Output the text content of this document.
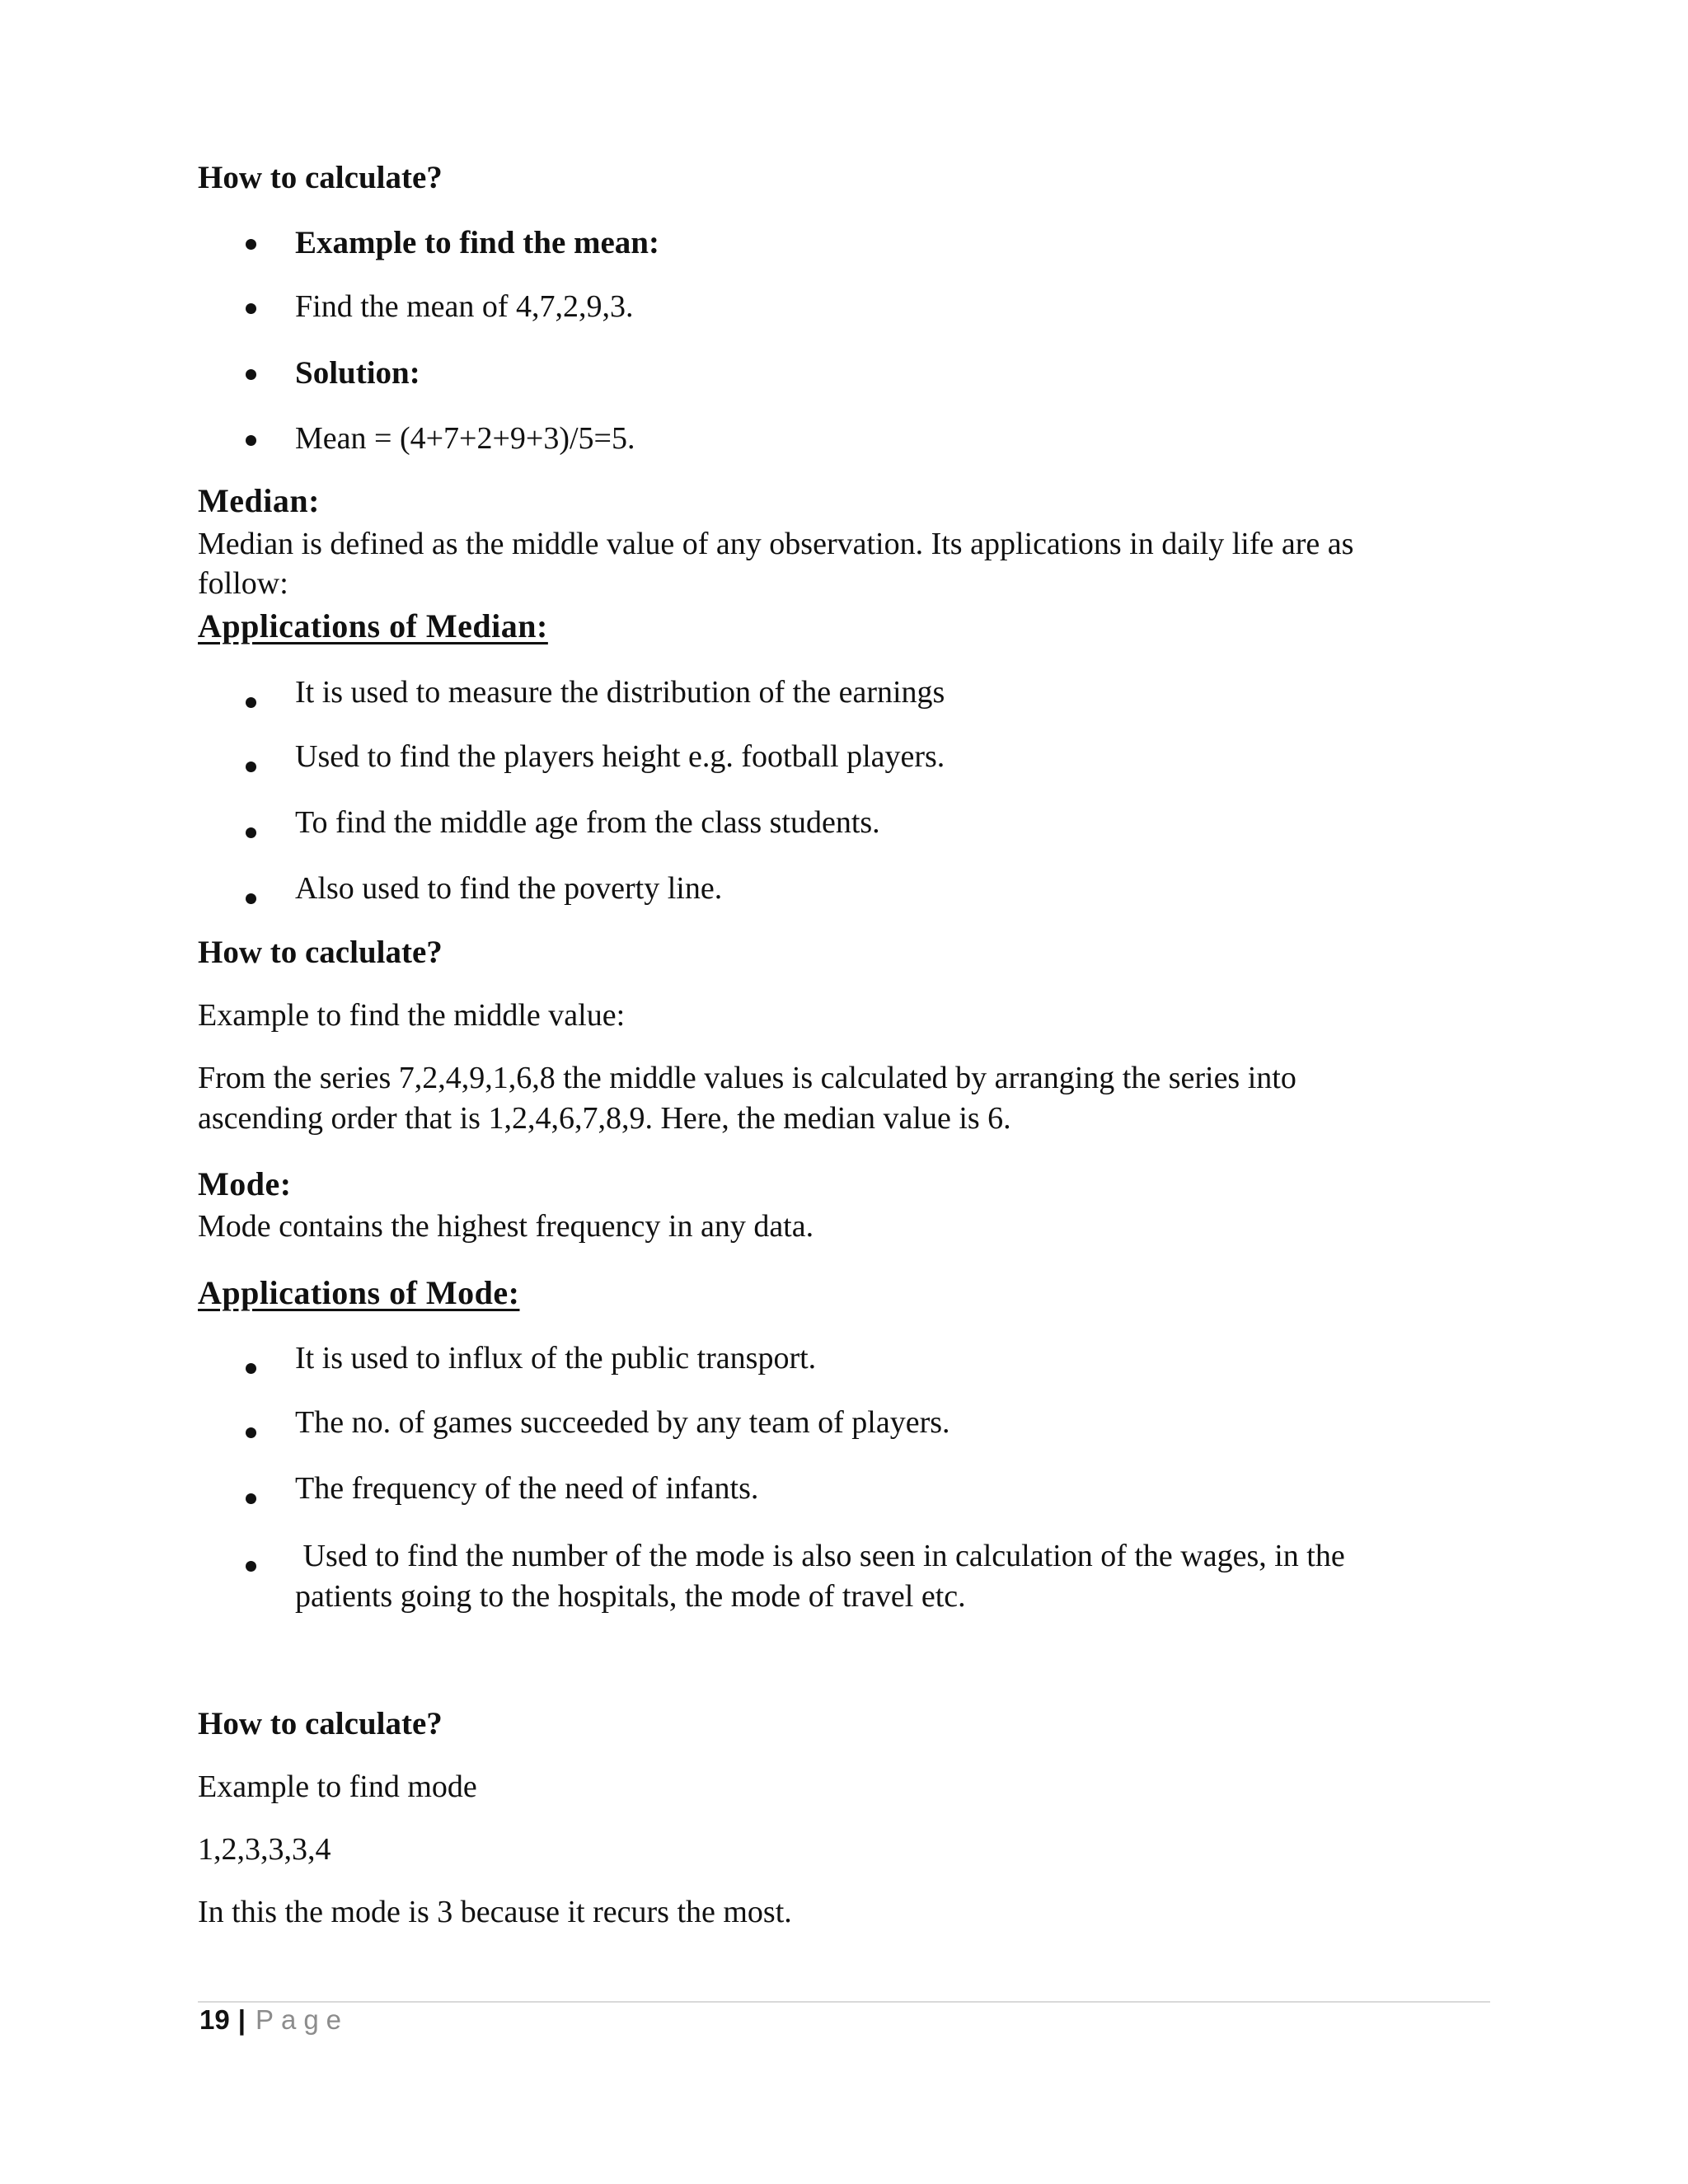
How to calculate?
Example to find the mean:
Find the mean of 4,7,2,9,3.
Solution:
Mean = (4+7+2+9+3)/5=5.
Median:
Median is defined as the middle value of any observation. Its applications in daily life are as
follow:
Applications of Median:
It is used to measure the distribution of the earnings
Used to find the players height e.g. football players.
To find the middle age from the class students.
Also used to find the poverty line.
How to caclulate?
Example to find the middle value:
From the series 7,2,4,9,1,6,8 the middle values is calculated by arranging the series into
ascending order that is 1,2,4,6,7,8,9. Here, the median value is 6.
Mode:
Mode contains the highest frequency in any data.
Applications of Mode:
It is used to influx of the public transport.
The no. of games succeeded by any team of players.
The frequency of the need of infants.
Used to find the number of the mode is also seen in calculation of the wages, in the
patients going to the hospitals, the mode of travel etc.
How to calculate?
Example to find mode
1,2,3,3,3,4
In this the mode is 3 because it recurs the most.
19 | Page
